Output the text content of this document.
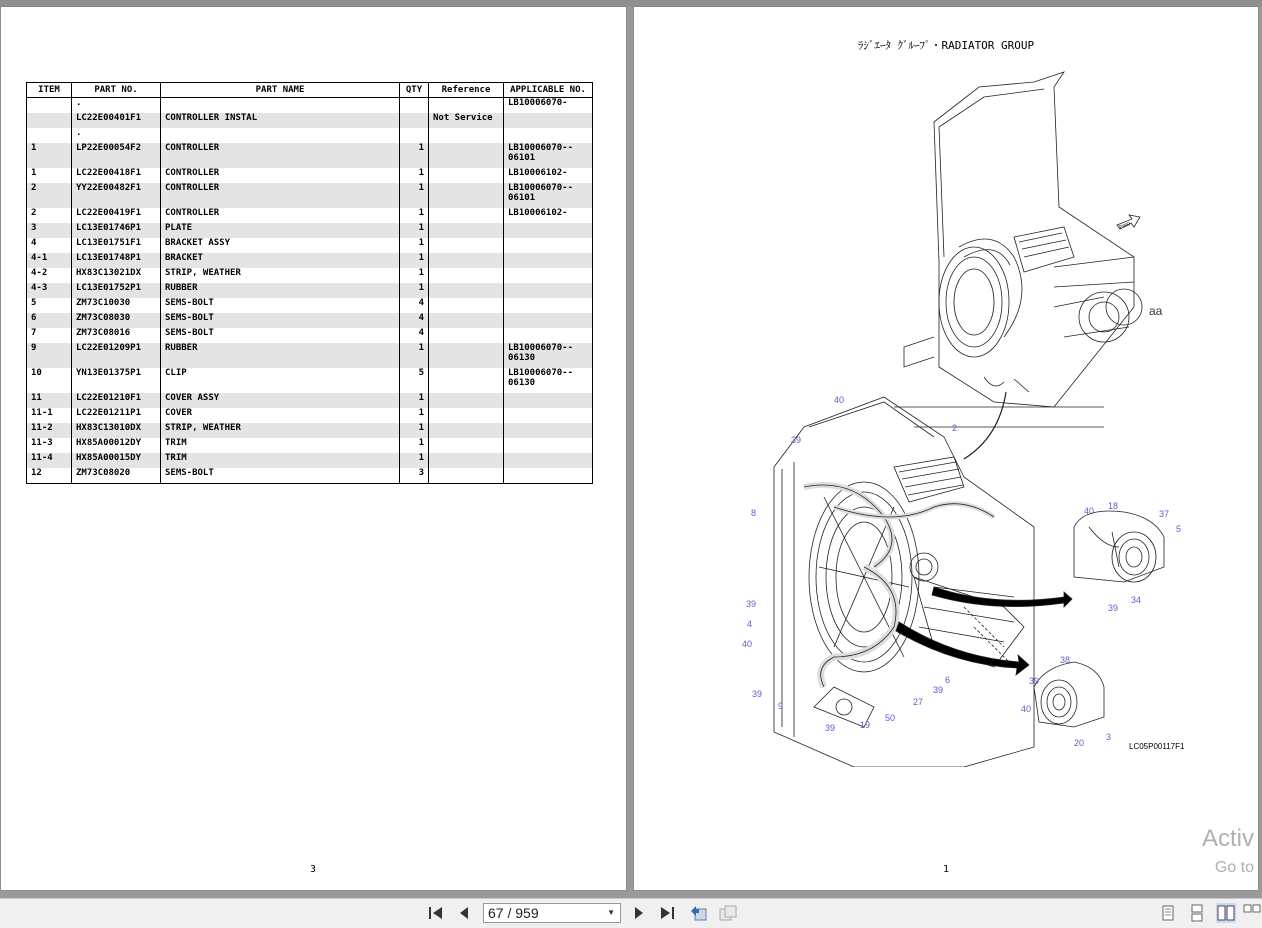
ITEM	PART NO.	PART NAME	QTY	Reference	APPLICABLE NO.
	.				LB10006070-
	LC22E00401F1	CONTROLLER INSTAL		Not Service	
	.				
1	LP22E00054F2	CONTROLLER	1		LB10006070--
06101
1	LC22E00418F1	CONTROLLER	1		LB10006102-
2	YY22E00482F1	CONTROLLER	1		LB10006070--
06101
2	LC22E00419F1	CONTROLLER	1		LB10006102-
3	LC13E01746P1	PLATE	1		
4	LC13E01751F1	BRACKET ASSY	1		
4-1	LC13E01748P1	BRACKET	1		
4-2	HX83C13021DX	STRIP, WEATHER	1		
4-3	LC13E01752P1	RUBBER	1		
5	ZM73C10030	SEMS-BOLT	4		
6	ZM73C08030	SEMS-BOLT	4		
7	ZM73C08016	SEMS-BOLT	4		
9	LC22E01209P1	RUBBER	1		LB10006070--
06130
10	YN13E01375P1	CLIP	5		LB10006070--
06130
11	LC22E01210F1	COVER ASSY	1		
11-1	LC22E01211P1	COVER	1		
11-2	HX83C13010DX	STRIP, WEATHER	1		
11-3	HX85A00012DY	TRIM	1		
11-4	HX85A00015DY	TRIM	1		
12	ZM73C08020	SEMS-BOLT	3		
3
ﾗｼﾞｴｰﾀ ｸﾞﾙｰﾌﾟ・RADIATOR GROUP
aa
40
39
2
8
39
4
40
39
9
39	19
50
27
39
6
40 18
37
5
39
34
38
39
40
20
3
FWD
LC05P00117F1
1
Activ
Go to
67 / 959	▼
